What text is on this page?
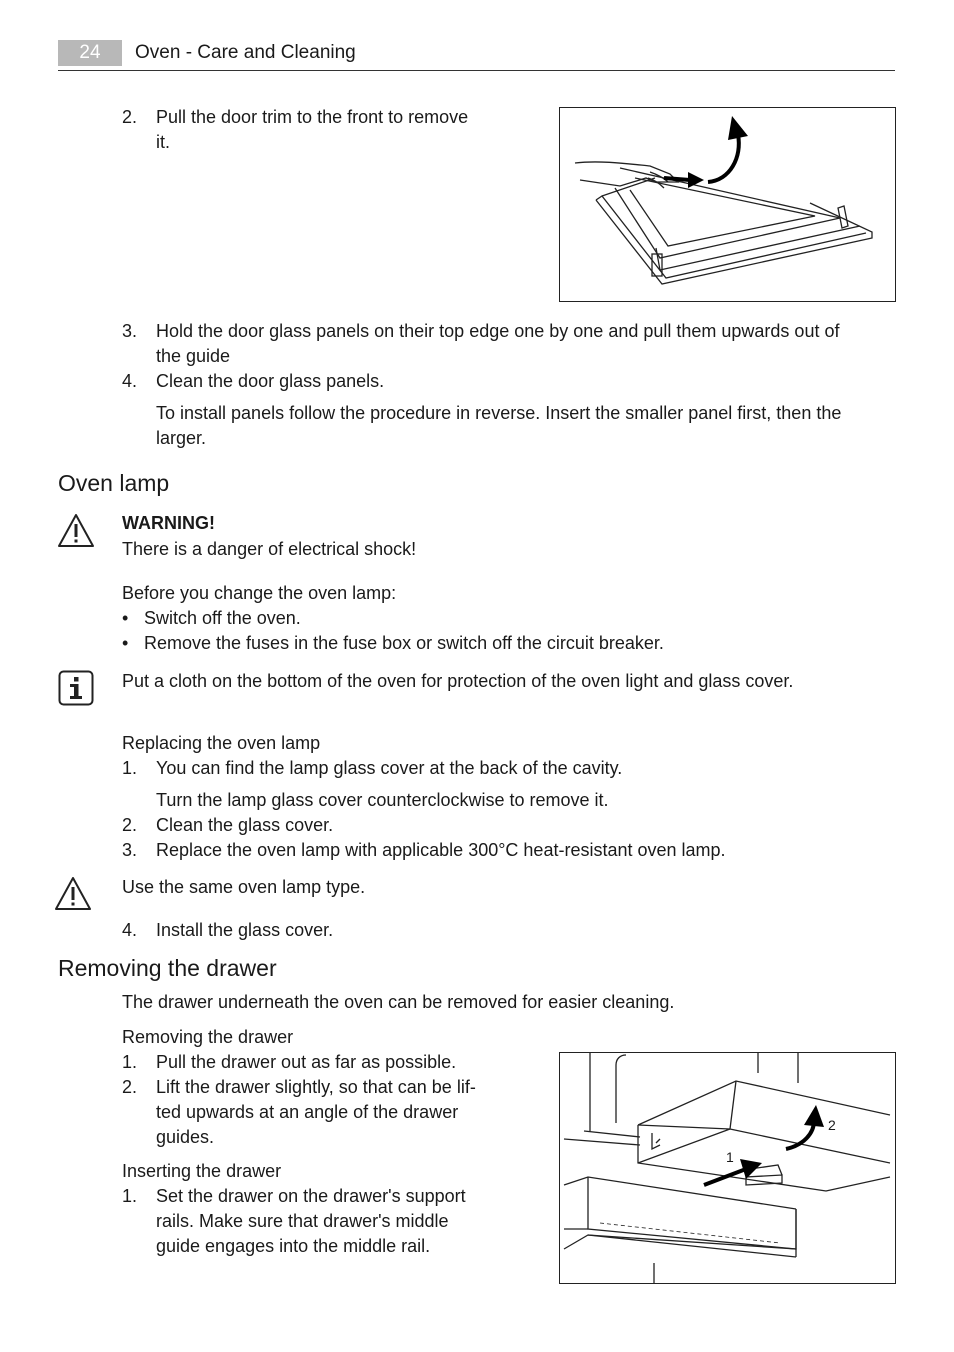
24	Oven - Care and Cleaning
2.	Pull the door trim to the front to remove
it.
3.	Hold the door glass panels on their top edge one by one and pull them upwards out of
the guide
4.	Clean the door glass panels.
To install panels follow the procedure in reverse. Insert the smaller panel first, then the
larger.
Oven lamp
WARNING!
There is a danger of electrical shock!
Before you change the oven lamp:
• Switch off the oven.
• Remove the fuses in the fuse box or switch off the circuit breaker.
Put a cloth on the bottom of the oven for protection of the oven light and glass cover.
Replacing the oven lamp
1.	You can find the lamp glass cover at the back of the cavity.
Turn the lamp glass cover counterclockwise to remove it.
2.	Clean the glass cover.
3.	Replace the oven lamp with applicable 300°C heat-resistant oven lamp.
Use the same oven lamp type.
4.	Install the glass cover.
Removing the drawer
The drawer underneath the oven can be removed for easier cleaning.
Removing the drawer
1.	Pull the drawer out as far as possible.
2.	Lift the drawer slightly, so that can be lif-
ted upwards at an angle of the drawer
guides.
Inserting the drawer
1.	Set the drawer on the drawer's support
rails. Make sure that drawer's middle
guide engages into the middle rail.
1
2
